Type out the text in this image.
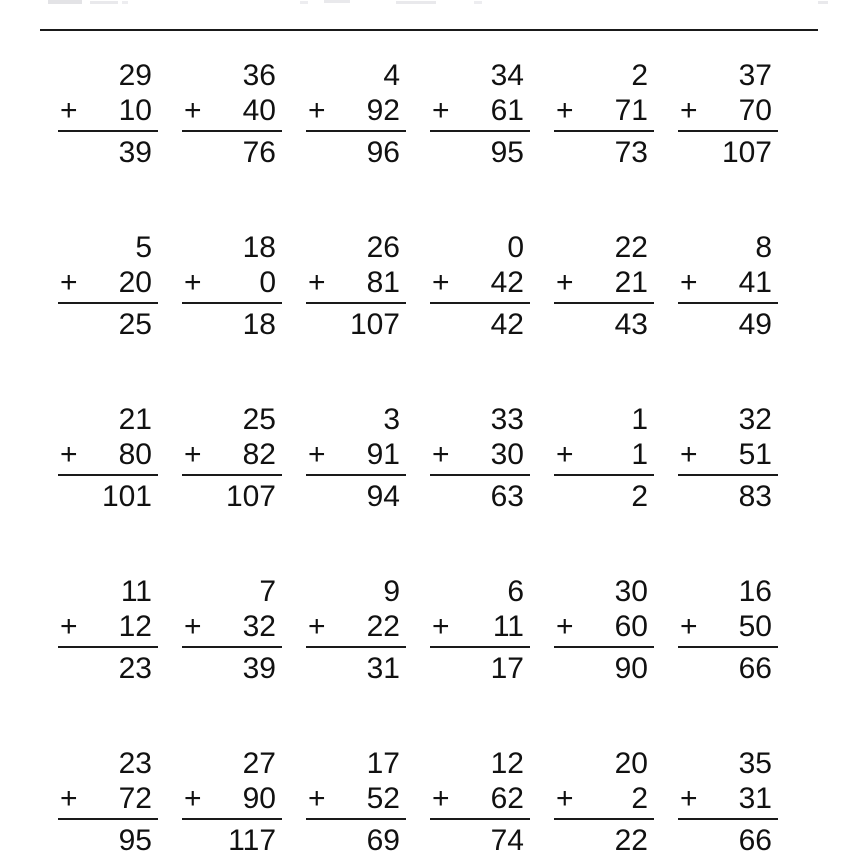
29
+ 10
39
36
+ 40
76
4
+ 92
96
34
+ 61
95
2
+ 71
73
37
+ 70
107
5
+ 20
25
18
+ 0
18
26
+ 81
107
0
+ 42
42
22
+ 21
43
8
+ 41
49
21
+ 80
101
25
+ 82
107
3
+ 91
94
33
+ 30
63
1
+ 1
2
32
+ 51
83
11
+ 12
23
7
+ 32
39
9
+ 22
31
6
+ 11
17
30
+ 60
90
16
+ 50
66
23
+ 72
95
27
+ 90
117
17
+ 52
69
12
+ 62
74
20
+ 2
22
35
+ 31
66
